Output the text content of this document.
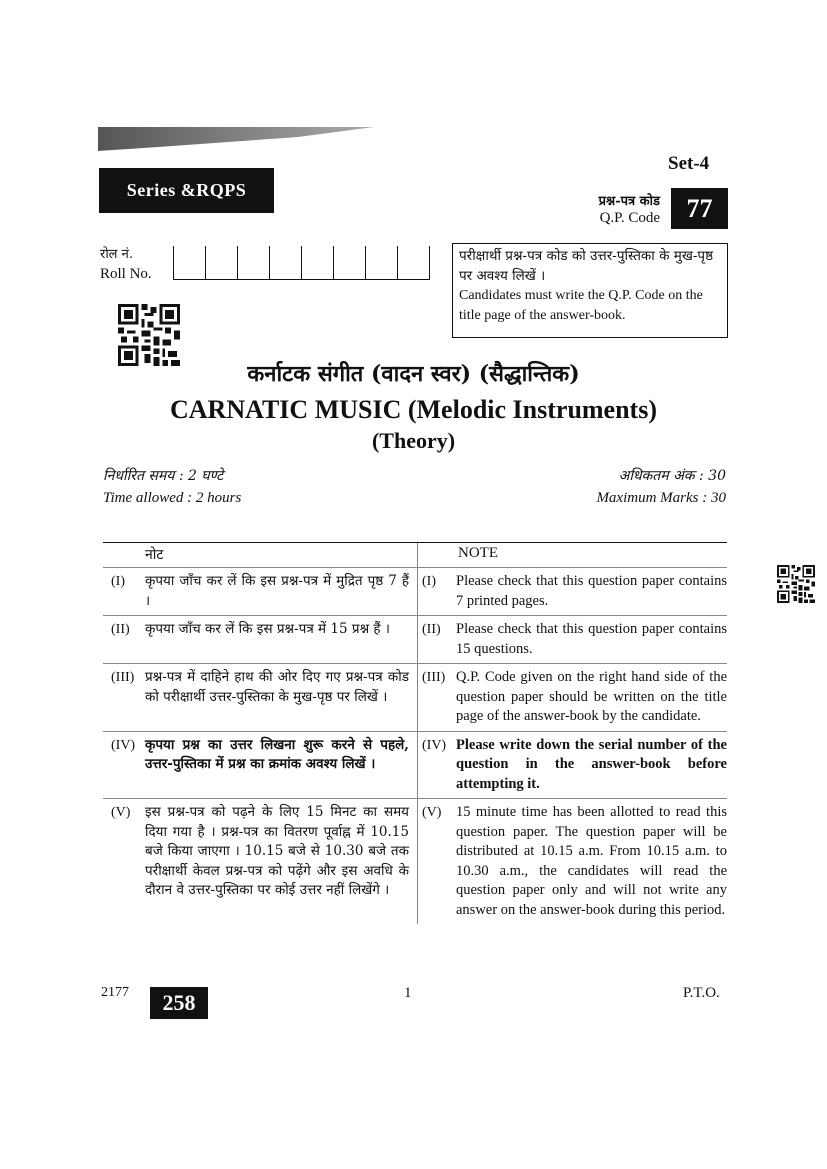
Set-4
Series &RQPS
प्रश्न-पत्र कोड
Q.P. Code	77
रोल नं.
Roll No.

परीक्षार्थी प्रश्न-पत्र कोड को उत्तर-पुस्तिका के मुख-पृष्ठ पर अवश्य लिखें ।

Candidates must write the Q.P. Code on the title page of the answer-book.

कर्नाटक संगीत (वादन स्वर) (सैद्धान्तिक)
CARNATIC MUSIC (Melodic Instruments)
(Theory)
निर्धारित समय : 2 घण्टे
Time allowed : 2 hours
अधिकतम अंक : 30
Maximum Marks : 30
नोट	NOTE
(I)	कृपया जाँच कर लें कि इस प्रश्न-पत्र में मुद्रित पृष्ठ 7 हैं ।
(I)	Please check that this question paper contains 7 printed pages.
(II)	कृपया जाँच कर लें कि इस प्रश्न-पत्र में 15 प्रश्न हैं ।	(II)	Please check that this question paper contains 15 questions.
(III) प्रश्न-पत्र में दाहिने हाथ की ओर दिए गए प्रश्न-पत्र कोड को परीक्षार्थी उत्तर-पुस्तिका के मुख-पृष्ठ पर लिखें ।
(III) Q.P. Code given on the right hand side of the question paper should be written on the title page of the answer-book by the candidate.
(IV) कृपया प्रश्न का उत्तर लिखना शुरू करने से पहले, उत्तर-पुस्तिका में प्रश्न का क्रमांक अवश्य लिखें ।
(IV) Please write down the serial number of the question in the answer-book before attempting it.
(V)	इस प्रश्न-पत्र को पढ़ने के लिए 15 मिनट का समय दिया गया है । प्रश्न-पत्र का वितरण पूर्वाह्न में 10.15 बजे किया जाएगा । 10.15 बजे से 10.30 बजे तक परीक्षार्थी केवल प्रश्न-पत्र को पढ़ेंगे और इस अवधि के दौरान वे उत्तर-पुस्तिका पर कोई उत्तर नहीं लिखेंगे ।
(V)	15 minute time has been allotted to read this question paper. The question paper will be distributed at 10.15 a.m. From 10.15 a.m. to 10.30 a.m., the candidates will read the question paper only and will not write any answer on the answer-book during this period.
2177	258	1	P.T.O.
